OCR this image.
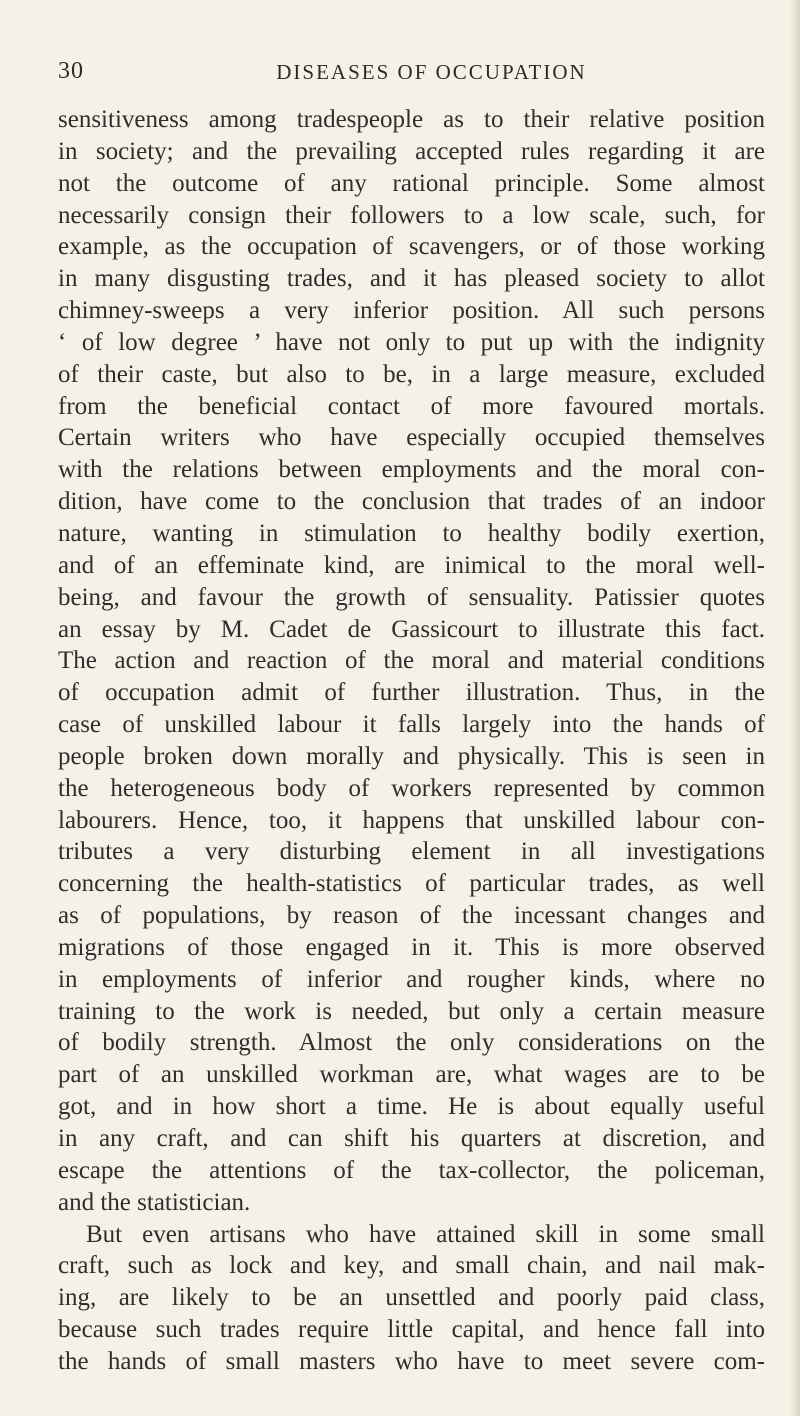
30	DISEASES OF OCCUPATION
sensitiveness among tradespeople as to their relative position
in society; and the prevailing accepted rules regarding it are
not the outcome of any rational principle. Some almost
necessarily consign their followers to a low scale, such, for
example, as the occupation of scavengers, or of those working
in many disgusting trades, and it has pleased society to allot
chimney-sweeps a very inferior position. All such persons
‘ of low degree ’ have not only to put up with the indignity
of their caste, but also to be, in a large measure, excluded
from the beneficial contact of more favoured mortals.
Certain writers who have especially occupied themselves
with the relations between employments and the moral con-
dition, have come to the conclusion that trades of an indoor
nature, wanting in stimulation to healthy bodily exertion,
and of an effeminate kind, are inimical to the moral well-
being, and favour the growth of sensuality. Patissier quotes
an essay by M. Cadet de Gassicourt to illustrate this fact.
The action and reaction of the moral and material conditions
of occupation admit of further illustration. Thus, in the
case of unskilled labour it falls largely into the hands of
people broken down morally and physically. This is seen in
the heterogeneous body of workers represented by common
labourers. Hence, too, it happens that unskilled labour con-
tributes a very disturbing element in all investigations
concerning the health-statistics of particular trades, as well
as of populations, by reason of the incessant changes and
migrations of those engaged in it. This is more observed
in employments of inferior and rougher kinds, where no
training to the work is needed, but only a certain measure
of bodily strength. Almost the only considerations on the
part of an unskilled workman are, what wages are to be
got, and in how short a time. He is about equally useful
in any craft, and can shift his quarters at discretion, and
escape the attentions of the tax-collector, the policeman,
and the statistician.
But even artisans who have attained skill in some small
craft, such as lock and key, and small chain, and nail mak-
ing, are likely to be an unsettled and poorly paid class,
because such trades require little capital, and hence fall into
the hands of small masters who have to meet severe com-
